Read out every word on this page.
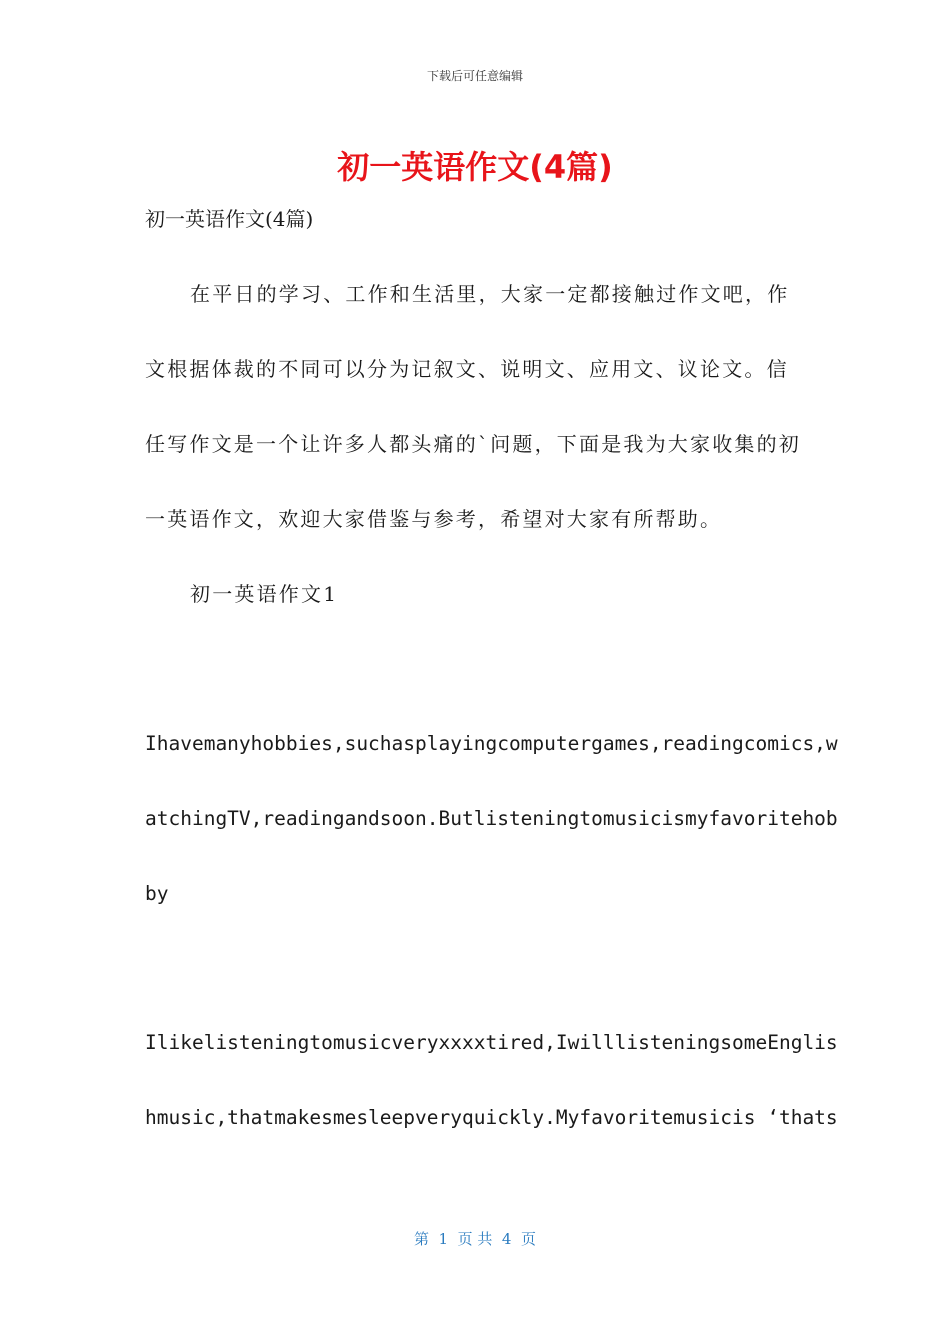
下载后可任意编辑
初一英语作文(4篇)
初一英语作文(4篇)
在平日的学习、工作和生活里，大家一定都接触过作文吧，作
文根据体裁的不同可以分为记叙文、说明文、应用文、议论文。信
任写作文是一个让许多人都头痛的`问题，下面是我为大家收集的初
一英语作文，欢迎大家借鉴与参考，希望对大家有所帮助。
初一英语作文1
Ihavemanyhobbies,suchasplayingcomputergames,readingcomics,w
atchingTV,readingandsoon.Butlisteningtomusicismyfavoritehob
by
Ilikelisteningtomusicveryxxxxtired,IwilllisteningsomeEnglis
hmusic,thatmakesmesleepveryquickly.Myfavoritemusicis ‘thats
第  1  页 共  4  页
